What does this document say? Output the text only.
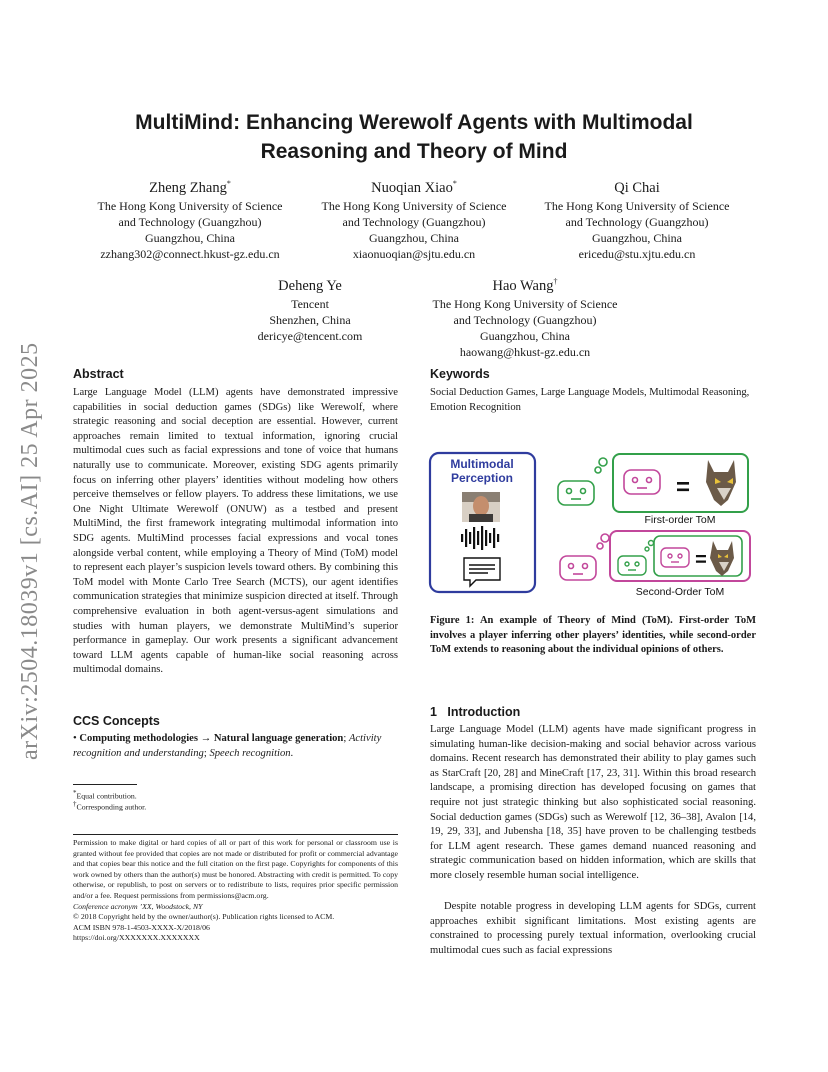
arXiv:2504.18039v1 [cs.AI] 25 Apr 2025
MultiMind: Enhancing Werewolf Agents with Multimodal
Reasoning and Theory of Mind
Zheng Zhang*
The Hong Kong University of Science
and Technology (Guangzhou)
Guangzhou, China
zzhang302@connect.hkust-gz.edu.cn
Nuoqian Xiao*
The Hong Kong University of Science
and Technology (Guangzhou)
Guangzhou, China
xiaonuoqian@sjtu.edu.cn
Qi Chai
The Hong Kong University of Science
and Technology (Guangzhou)
Guangzhou, China
ericedu@stu.xjtu.edu.cn
Deheng Ye
Tencent
Shenzhen, China
dericye@tencent.com
Hao Wang†
The Hong Kong University of Science
and Technology (Guangzhou)
Guangzhou, China
haowang@hkust-gz.edu.cn
Abstract
Large Language Model (LLM) agents have demonstrated impressive capabilities in social deduction games (SDGs) like Werewolf, where strategic reasoning and social deception are essential. However, current approaches remain limited to textual information, ignoring crucial multimodal cues such as facial expressions and tone of voice that humans naturally use to communicate. Moreover, existing SDG agents primarily focus on inferring other players’ identities without modeling how others perceive themselves or fellow players. To address these limitations, we use One Night Ultimate Werewolf (ONUW) as a testbed and present MultiMind, the first framework integrating multimodal information into SDG agents. MultiMind processes facial expressions and vocal tones alongside verbal content, while employing a Theory of Mind (ToM) model to represent each player’s suspicion levels toward others. By combining this ToM model with Monte Carlo Tree Search (MCTS), our agent identifies communication strategies that minimize suspicion directed at itself. Through comprehensive evaluation in both agent-versus-agent simulations and studies with human players, we demonstrate MultiMind’s superior performance in gameplay. Our work presents a significant advancement toward LLM agents capable of human-like social reasoning across multimodal domains.
CCS Concepts
• Computing methodologies → Natural language generation; Activity recognition and understanding; Speech recognition.
*Equal contribution.
†Corresponding author.
Permission to make digital or hard copies of all or part of this work for personal or classroom use is granted without fee provided that copies are not made or distributed for profit or commercial advantage and that copies bear this notice and the full citation on the first page. Copyrights for components of this work owned by others than the author(s) must be honored. Abstracting with credit is permitted. To copy otherwise, or republish, to post on servers or to redistribute to lists, requires prior specific permission and/or a fee. Request permissions from permissions@acm.org.
Conference acronym ’XX, Woodstock, NY
© 2018 Copyright held by the owner/author(s). Publication rights licensed to ACM.
ACM ISBN 978-1-4503-XXXX-X/2018/06
https://doi.org/XXXXXXX.XXXXXXX
Keywords
Social Deduction Games, Large Language Models, Multimodal Reasoning, Emotion Recognition
Multimodal
Perception	=
First-order ToM
=
Second-Order ToM
Figure 1: An example of Theory of Mind (ToM). First-order ToM involves a player inferring other players’ identities, while second-order ToM extends to reasoning about the individual opinions of others.
1 Introduction
Large Language Model (LLM) agents have made significant progress in simulating human-like decision-making and social behavior across various domains. Recent research has demonstrated their ability to play games such as StarCraft [20, 28] and MineCraft [17, 23, 31]. Within this broad research landscape, a promising direction has developed focusing on games that require not just strategic thinking but also sophisticated social reasoning. Social deduction games (SDGs) such as Werewolf [12, 36–38], Avalon [14, 19, 29, 33], and Jubensha [18, 35] have proven to be challenging testbeds for LLM agent research. These games demand nuanced reasoning and strategic communication based on hidden information, which are skills that more closely resemble human social intelligence.
Despite notable progress in developing LLM agents for SDGs, current approaches exhibit significant limitations. Most existing agents are constrained to processing purely textual information, overlooking crucial multimodal cues such as facial expressions
